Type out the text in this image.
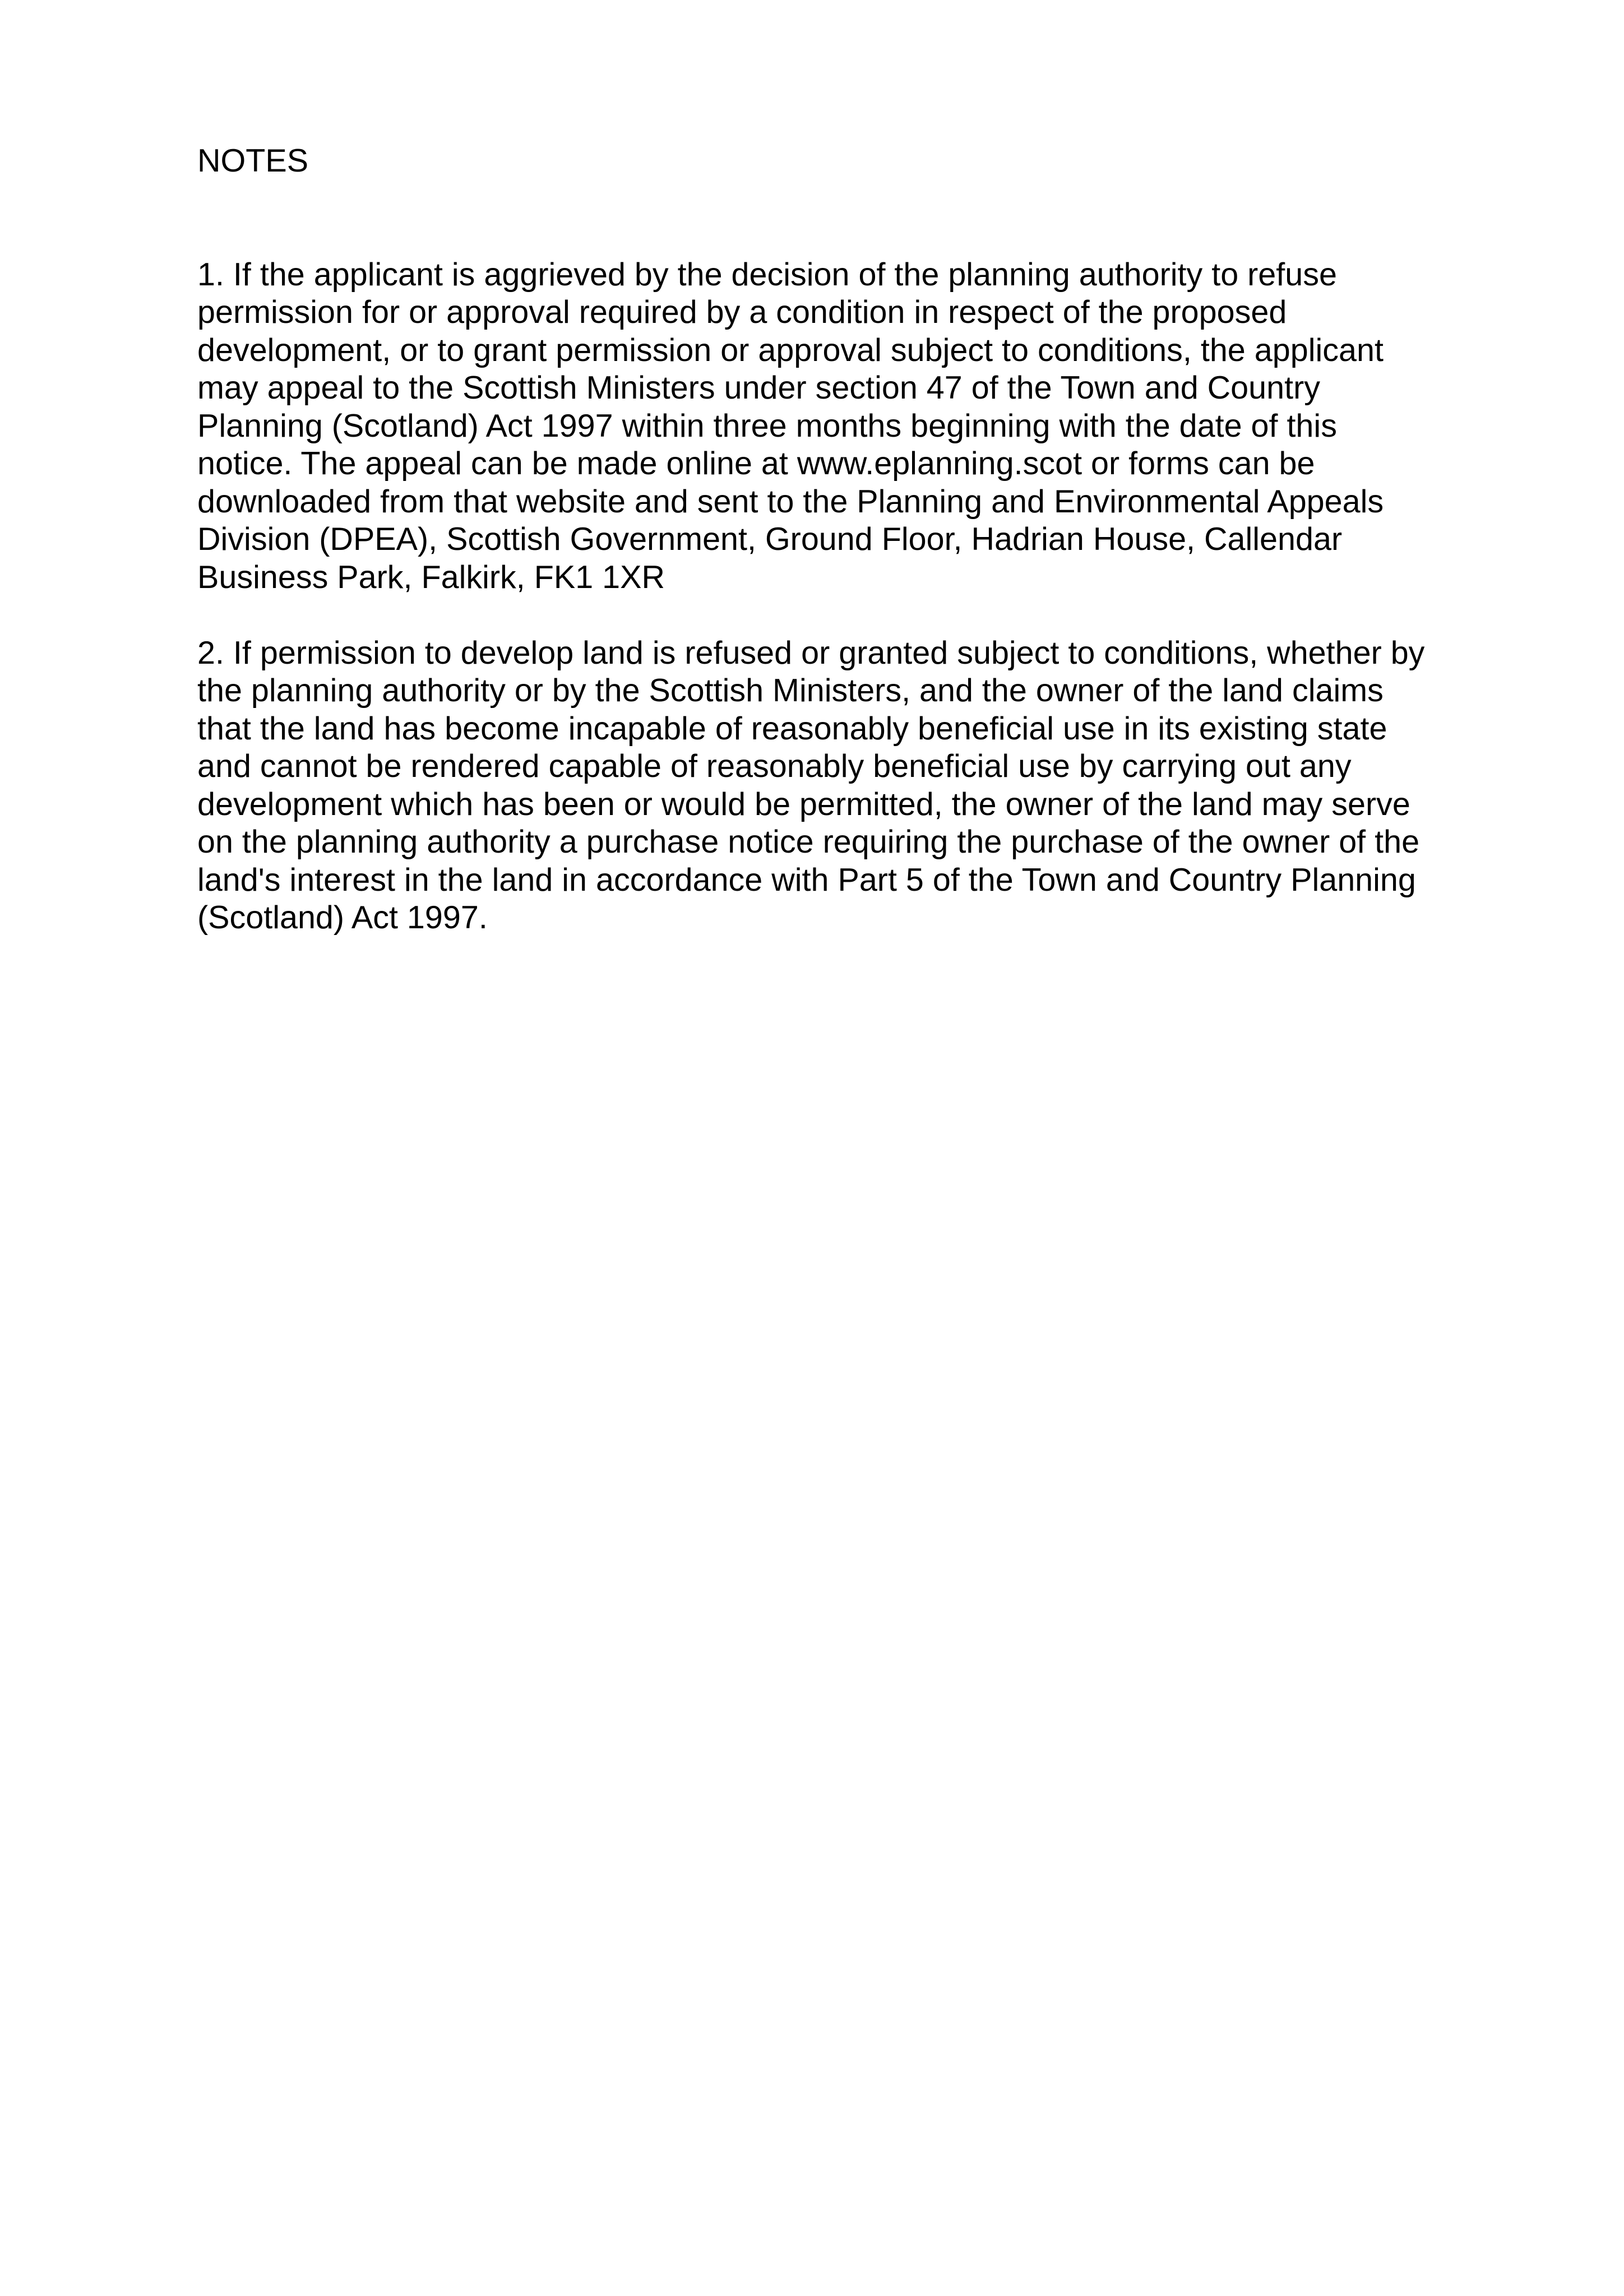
NOTES
1. If the applicant is aggrieved by the decision of the planning authority to refuse
permission for or approval required by a condition in respect of the proposed
development, or to grant permission or approval subject to conditions, the applicant
may appeal to the Scottish Ministers under section 47 of the Town and Country
Planning (Scotland) Act 1997 within three months beginning with the date of this
notice. The appeal can be made online at www.eplanning.scot or forms can be
downloaded from that website and sent to the Planning and Environmental Appeals
Division (DPEA), Scottish Government, Ground Floor, Hadrian House, Callendar
Business Park, Falkirk, FK1 1XR
2. If permission to develop land is refused or granted subject to conditions, whether by
the planning authority or by the Scottish Ministers, and the owner of the land claims
that the land has become incapable of reasonably beneficial use in its existing state
and cannot be rendered capable of reasonably beneficial use by carrying out any
development which has been or would be permitted, the owner of the land may serve
on the planning authority a purchase notice requiring the purchase of the owner of the
land's interest in the land in accordance with Part 5 of the Town and Country Planning
(Scotland) Act 1997.
